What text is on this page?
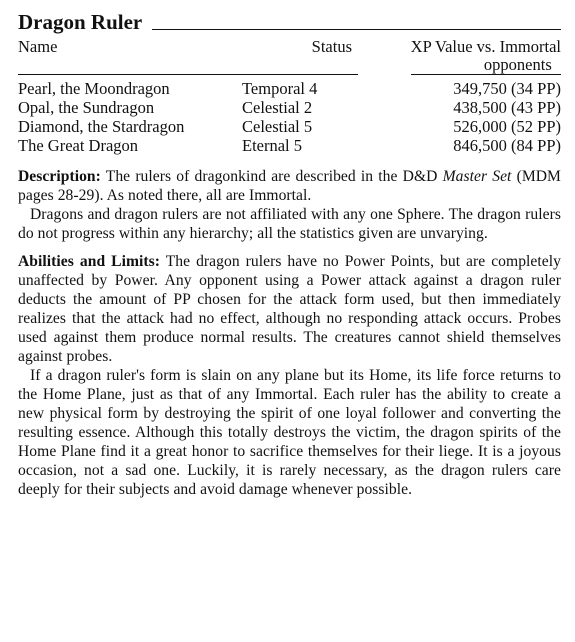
Dragon Ruler
Name	Status	XP Value vs. Immortal
opponents
Pearl, the Moondragon	Temporal 4	349,750 (34 PP)
Opal, the Sundragon	Celestial 2	438,500 (43 PP)
Diamond, the Stardragon	Celestial 5	526,000 (52 PP)
The Great Dragon	Eternal 5	846,500 (84 PP)

Description: The rulers of dragonkind are described in the D&D Master Set (MDM pages 28-29). As noted there, all are Immortal.

Dragons and dragon rulers are not affiliated with any one Sphere. The dragon rulers do not progress within any hierarchy; all the statistics given are unvarying.

Abilities and Limits: The dragon rulers have no Power Points, but are completely unaffected by Power. Any opponent using a Power attack against a dragon ruler deducts the amount of PP chosen for the attack form used, but then immediately realizes that the attack had no effect, although no responding attack occurs. Probes used against them produce normal results. The creatures cannot shield themselves against probes.

If a dragon ruler's form is slain on any plane but its Home, its life force returns to the Home Plane, just as that of any Immortal. Each ruler has the ability to create a new physical form by destroying the spirit of one loyal follower and converting the resulting essence. Although this totally destroys the victim, the dragon spirits of the Home Plane find it a great honor to sacrifice themselves for their liege. It is a joyous occasion, not a sad one. Luckily, it is rarely necessary, as the dragon rulers care deeply for their subjects and avoid damage whenever possible.
